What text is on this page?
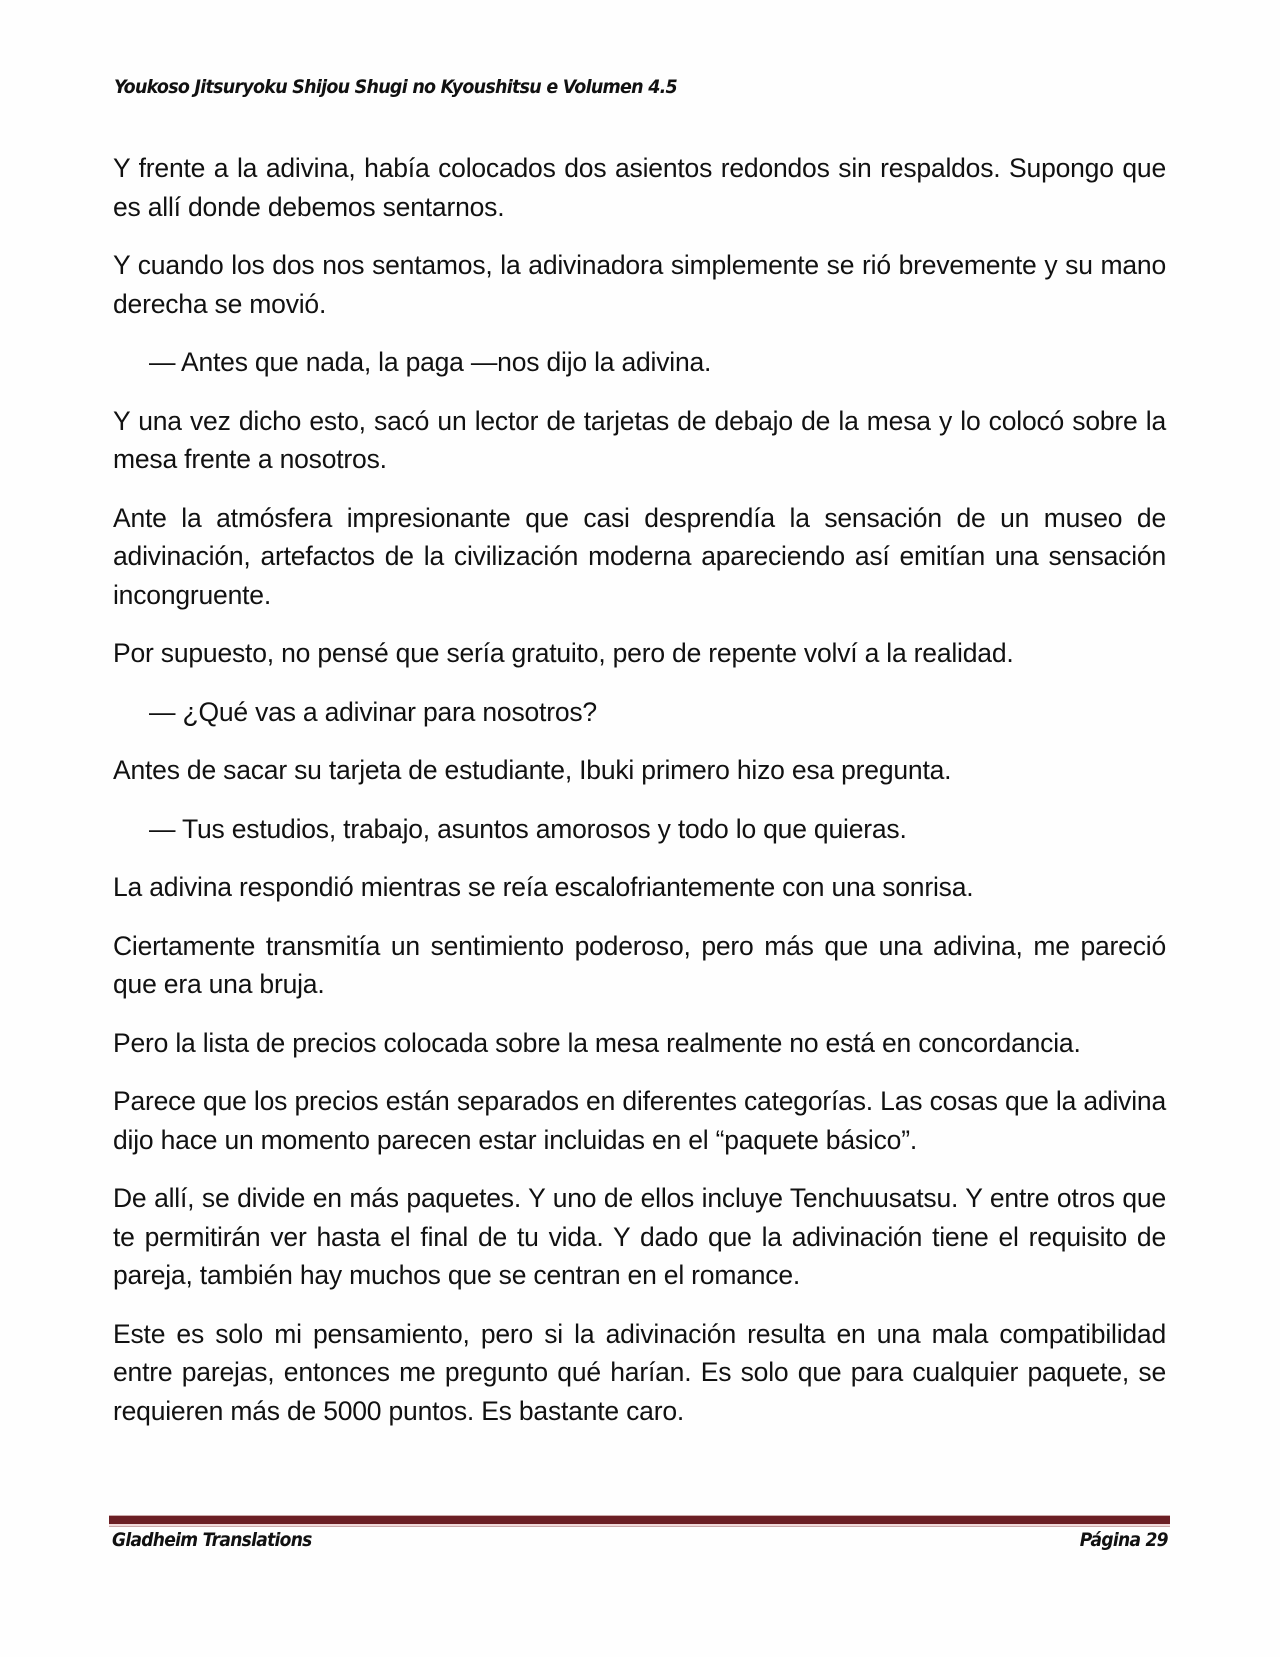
Youkoso Jitsuryoku Shijou Shugi no Kyoushitsu e Volumen 4.5

Y frente a la adivina, había colocados dos asientos redondos sin respaldos. Supongo que es allí donde debemos sentarnos.

Y cuando los dos nos sentamos, la adivinadora simplemente se rió brevemente y su mano derecha se movió.

— Antes que nada, la paga —nos dijo la adivina.

Y una vez dicho esto, sacó un lector de tarjetas de debajo de la mesa y lo colocó sobre la mesa frente a nosotros.

Ante la atmósfera impresionante que casi desprendía la sensación de un museo de adivinación, artefactos de la civilización moderna apareciendo así emitían una sensación incongruente.

Por supuesto, no pensé que sería gratuito, pero de repente volví a la realidad.

— ¿Qué vas a adivinar para nosotros?

Antes de sacar su tarjeta de estudiante, Ibuki primero hizo esa pregunta.

— Tus estudios, trabajo, asuntos amorosos y todo lo que quieras.

La adivina respondió mientras se reía escalofriantemente con una sonrisa.

Ciertamente transmitía un sentimiento poderoso, pero más que una adivina, me pareció que era una bruja.

Pero la lista de precios colocada sobre la mesa realmente no está en concordancia.

Parece que los precios están separados en diferentes categorías. Las cosas que la adivina dijo hace un momento parecen estar incluidas en el “paquete básico”.

De allí, se divide en más paquetes. Y uno de ellos incluye Tenchuusatsu. Y entre otros que te permitirán ver hasta el final de tu vida. Y dado que la adivinación tiene el requisito de pareja, también hay muchos que se centran en el romance.

Este es solo mi pensamiento, pero si la adivinación resulta en una mala compatibilidad entre parejas, entonces me pregunto qué harían. Es solo que para cualquier paquete, se requieren más de 5000 puntos. Es bastante caro.

Gladheim Translations	Página 29
